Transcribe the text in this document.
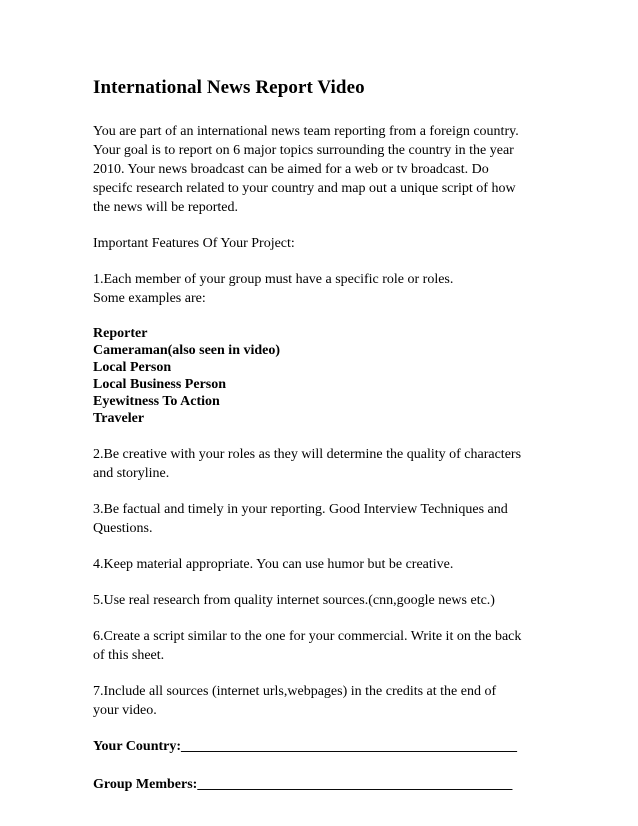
International News Report Video
You are part of an international news team reporting from a foreign country.
Your goal is to report on 6 major topics surrounding the country in the year
2010. Your news broadcast can be aimed for a web or tv broadcast. Do
specifc research related to your country and map out a unique script of how
the news will be reported.
Important Features Of Your Project:
1.Each member of your group must have a specific role or roles.
Some examples are:
Reporter
Cameraman(also seen in video)
Local Person
Local Business Person
Eyewitness To Action
Traveler
2.Be creative with your roles as they will determine the quality of characters
and storyline.
3.Be factual and timely in your reporting. Good Interview Techniques and
Questions.
4.Keep material appropriate. You can use humor but be creative.
5.Use real research from quality internet sources.(cnn,google news etc.)
6.Create a script similar to the one for your commercial. Write it on the back
of this sheet.
7.Include all sources (internet urls,webpages) in the credits at the end of
your video.
Your Country:________________________________________________
Group Members:_____________________________________________
